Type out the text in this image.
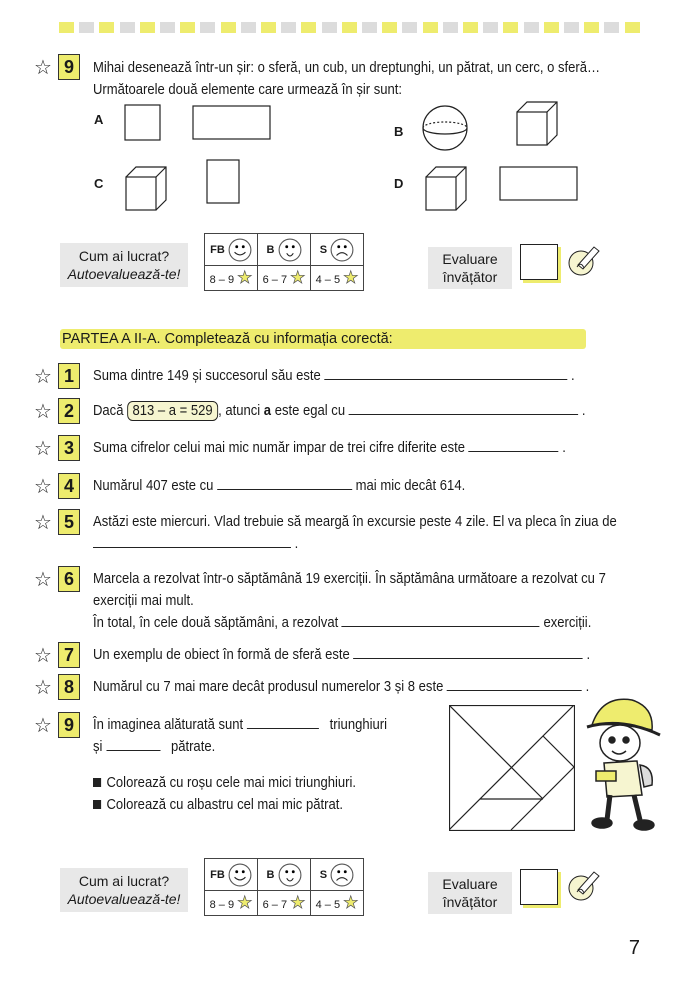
☆ 9	Mihai desenează într-un șir: o sferă, un cub, un dreptunghi, un pătrat, un cerc, o sferă… Următoarele două elemente care urmează în șir sunt:
A
B
C	D
Cum ai lucrat?
Autoevaluează-te!
FB	B	S
8 – 9 ★	6 – 7 ★	4 – 5 ★
Evaluare
învățător
PARTEA A II-A. Completează cu informația corectă:
☆ 1	Suma dintre 149 și succesorul său este	.
☆ 2	Dacă 813 – a = 529 , atunci a este egal cu	.
☆ 3	Suma cifrelor celui mai mic număr impar de trei cifre diferite este	.
☆ 4	Numărul 407 este cu	mai mic decât 614.
☆ 5	Astăzi este miercuri. Vlad trebuie să meargă în excursie peste 4 zile. El va pleca în ziua de  .
☆ 6	Marcela a rezolvat într-o săptămână 19 exerciții. În săptămâna următoare a rezolvat cu 7 exerciții mai mult.
În total, în cele două săptămâni, a rezolvat	exerciții.
☆ 7	Un exemplu de obiect în formă de sferă este	.
☆ 8	Numărul cu 7 mai mare decât produsul numerelor 3 și 8 este	.
☆ 9	În imaginea alăturată sunt	triunghiuri
și	pătrate.
Colorează cu roșu cele mai mici triunghiuri.
Colorează cu albastru cel mai mic pătrat.
Cum ai lucrat?
Autoevaluează-te!
FB	B	S
8 – 9 ★	6 – 7 ★	4 – 5 ★
Evaluare
învățător
7
